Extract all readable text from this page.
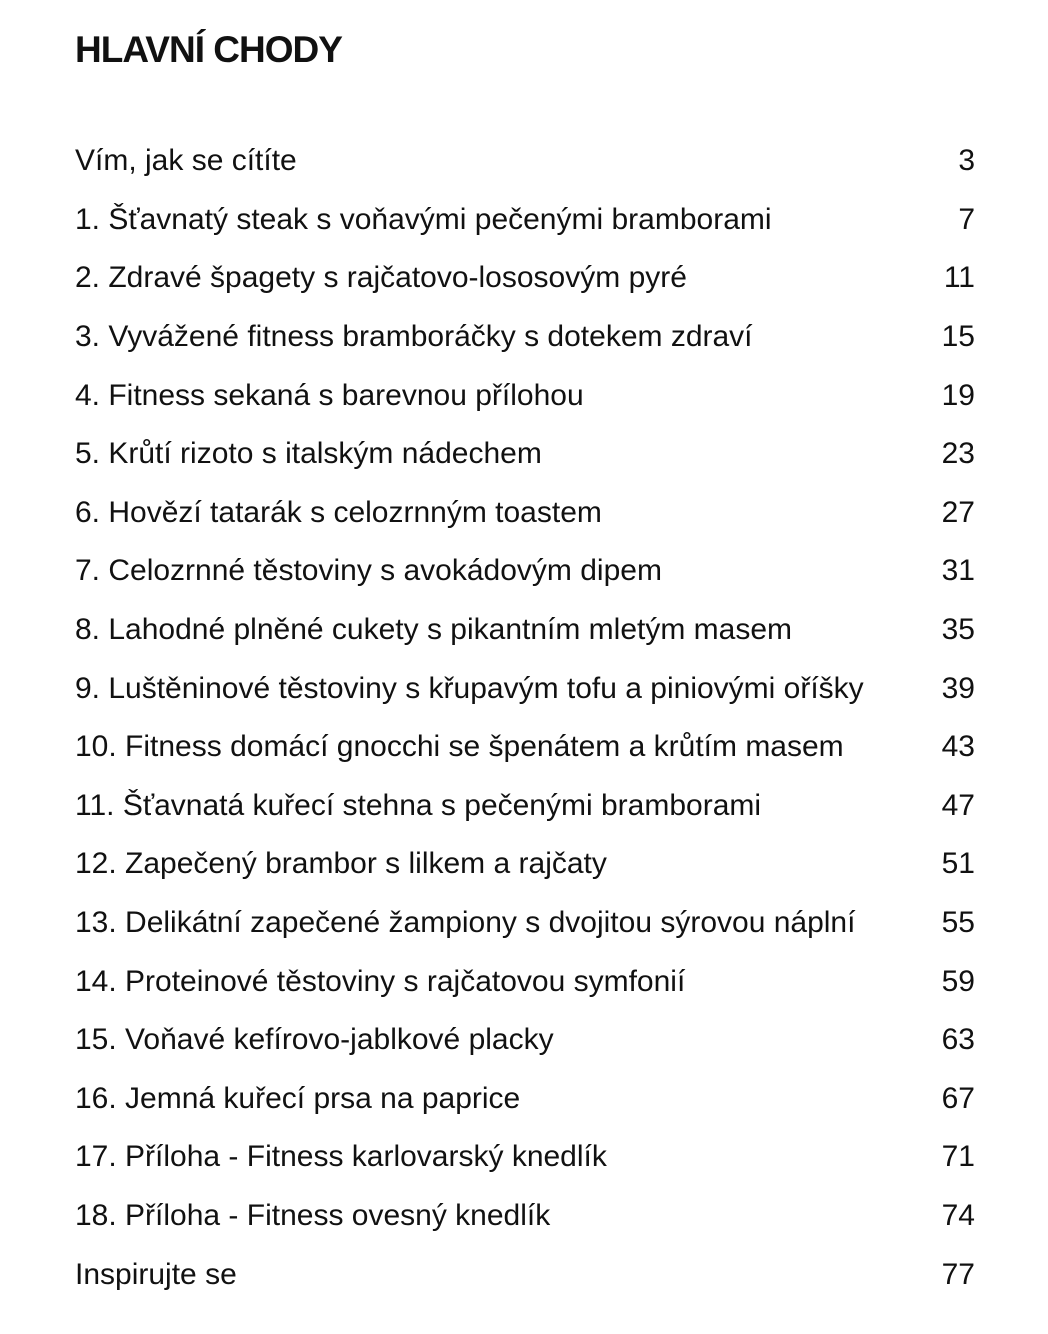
HLAVNÍ CHODY
Vím, jak se cítíte	3
1. Šťavnatý steak s voňavými pečenými bramborami	7
2. Zdravé špagety s rajčatovo-lososovým pyré	11
3. Vyvážené fitness bramboráčky s dotekem zdraví	15
4. Fitness sekaná s barevnou přílohou	19
5. Krůtí rizoto s italským nádechem	23
6. Hovězí tatarák s celozrnným toastem	27
7. Celozrnné těstoviny s avokádovým dipem	31
8. Lahodné plněné cukety s pikantním mletým masem	35
9. Luštěninové těstoviny s křupavým tofu a piniovými oříšky	39
10. Fitness domácí gnocchi se špenátem a krůtím masem	43
11. Šťavnatá kuřecí stehna s pečenými bramborami	47
12. Zapečený brambor s lilkem a rajčaty	51
13. Delikátní zapečené žampiony s dvojitou sýrovou náplní	55
14. Proteinové těstoviny s rajčatovou symfonií	59
15. Voňavé kefírovo-jablkové placky	63
16. Jemná kuřecí prsa na paprice	67
17. Příloha - Fitness karlovarský knedlík	71
18. Příloha - Fitness ovesný knedlík	74
Inspirujte se	77
